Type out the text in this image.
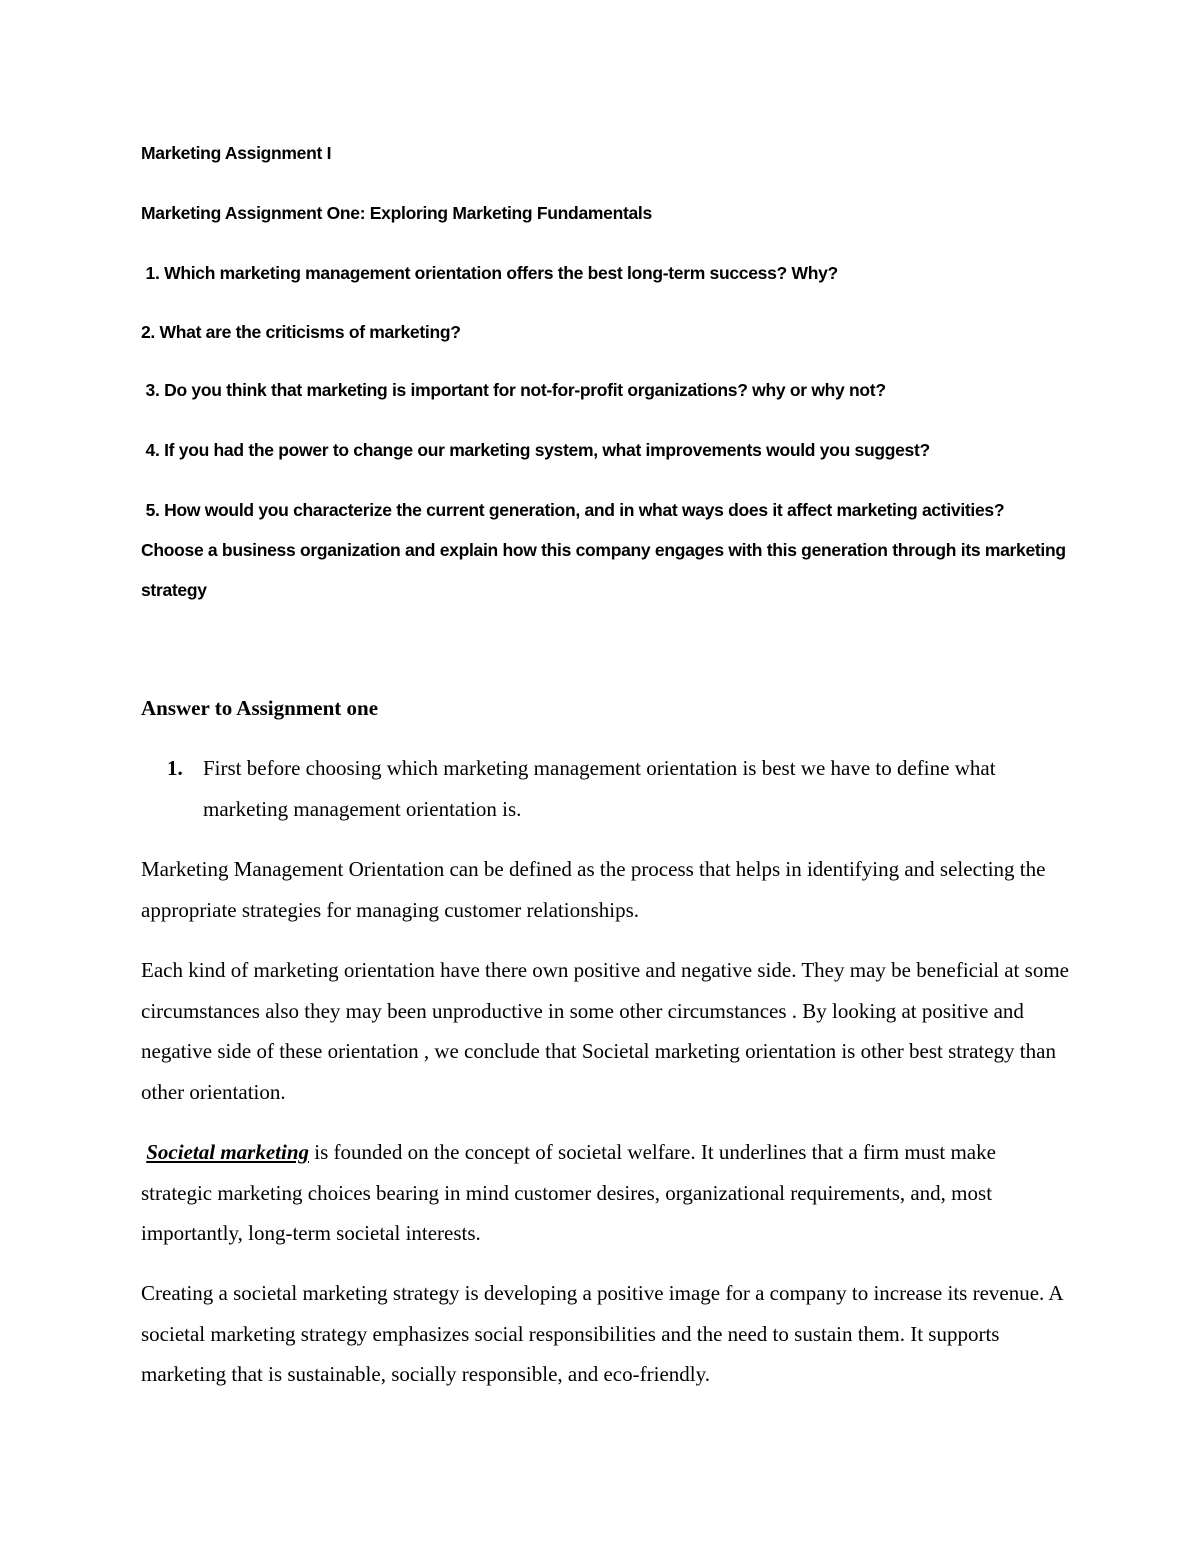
Marketing Assignment I
Marketing Assignment One: Exploring Marketing Fundamentals
1. Which marketing management orientation offers the best long-term success? Why?
2. What are the criticisms of marketing?
3. Do you think that marketing is important for not-for-profit organizations? why or why not?
4. If you had the power to change our marketing system, what improvements would you suggest?
5. How would you characterize the current generation, and in what ways does it affect marketing activities? Choose a business organization and explain how this company engages with this generation through its marketing strategy
Answer to Assignment one
1. First before choosing which marketing management orientation is best we have to define what marketing management orientation is.
Marketing Management Orientation can be defined as the process that helps in identifying and selecting the appropriate strategies for managing customer relationships.
Each kind of marketing orientation have there own positive and negative side. They may be beneficial at some circumstances also they may been unproductive in some other circumstances . By looking at positive and negative side of these orientation , we conclude that Societal marketing orientation is other best strategy than other orientation.
Societal marketing is founded on the concept of societal welfare. It underlines that a firm must make strategic marketing choices bearing in mind customer desires, organizational requirements, and, most importantly, long-term societal interests.
Creating a societal marketing strategy is developing a positive image for a company to increase its revenue. A societal marketing strategy emphasizes social responsibilities and the need to sustain them. It supports marketing that is sustainable, socially responsible, and eco-friendly.
